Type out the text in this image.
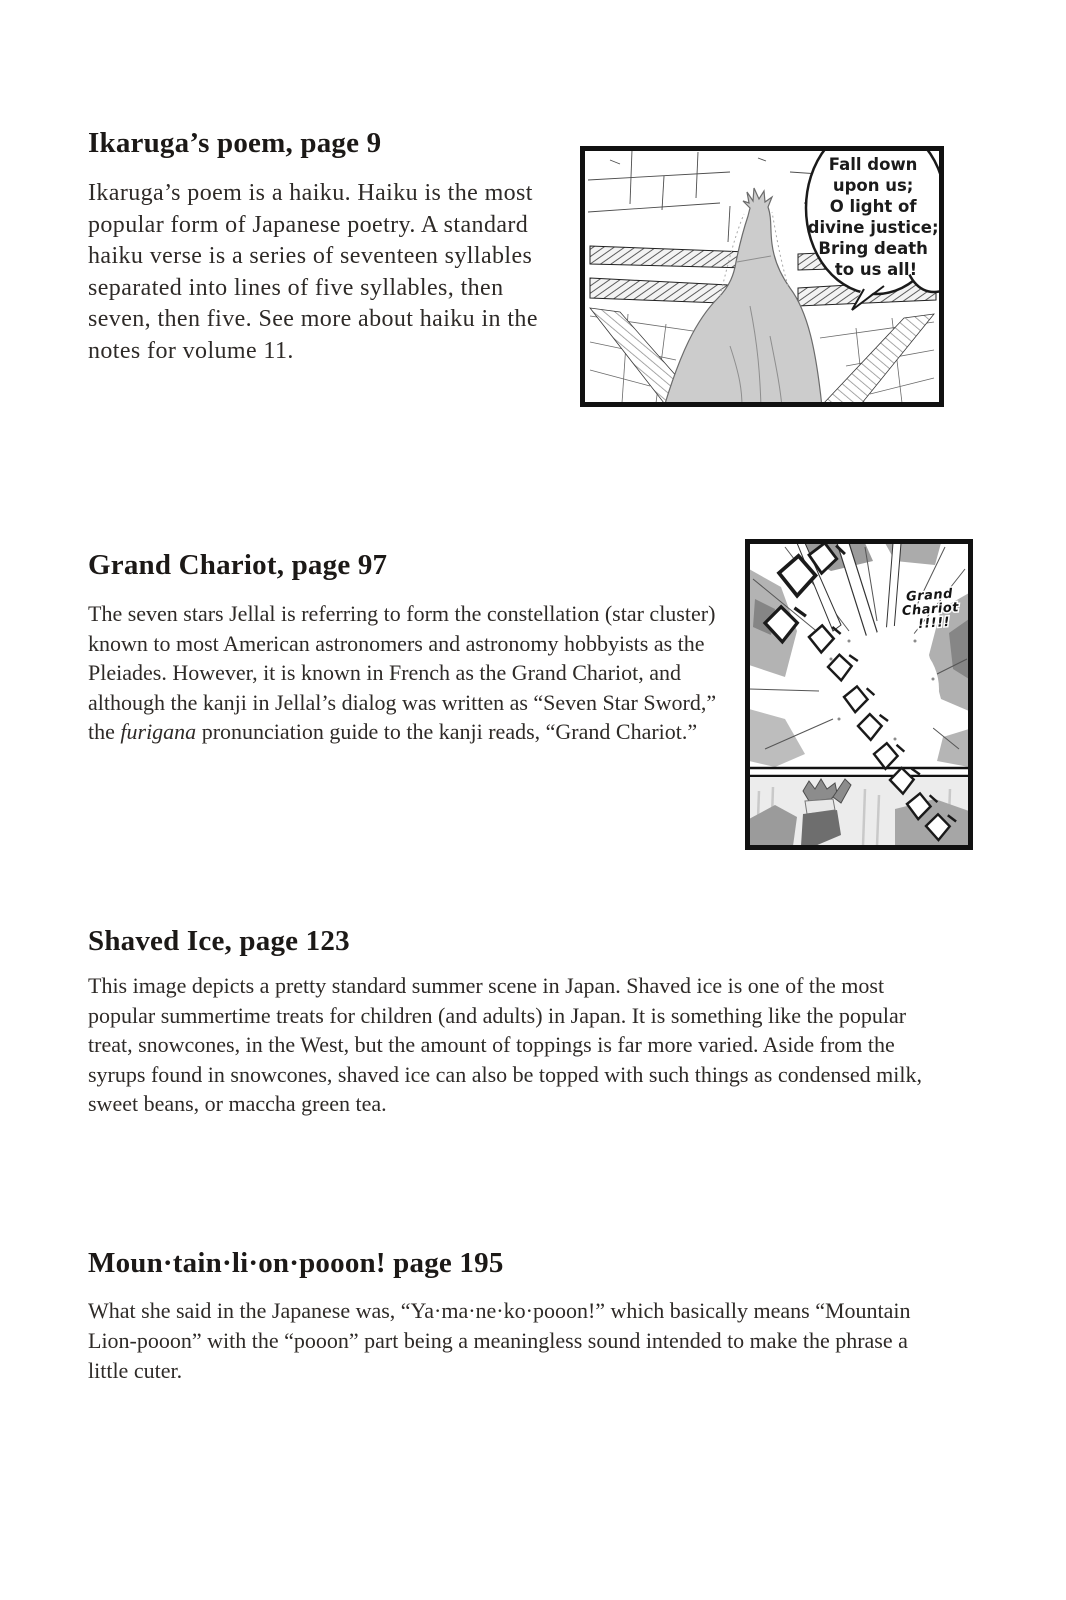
Ikaruga’s poem, page 9

Ikaruga’s poem is a haiku. Haiku is the most popular form of Japanese poetry. A standard haiku verse is a series of seventeen syllables separated into lines of five syllables, then seven, then five. See more about haiku in the notes for volume 11.

Fall down upon us; O light of divine justice; Bring death to us all!
Grand Chariot, page 97

The seven stars Jellal is referring to form the constellation (star cluster) known to most American astronomers and astronomy hobbyists as the Pleiades. However, it is known in French as the Grand Chariot, and although the kanji in Jellal’s dialog was written as “Seven Star Sword,” the furigana pronunciation guide to the kanji reads, “Grand Chariot.”

Grand Chariot !!!!!
Shaved Ice, page 123

This image depicts a pretty standard summer scene in Japan. Shaved ice is one of the most popular summertime treats for children (and adults) in Japan. It is something like the popular treat, snowcones, in the West, but the amount of toppings is far more varied. Aside from the syrups found in snowcones, shaved ice can also be topped with such things as condensed milk, sweet beans, or maccha green tea.

Moun·tain·li·on·pooon! page 195

What she said in the Japanese was, “Ya·ma·ne·ko·pooon!” which basically means “Mountain Lion-pooon” with the “pooon” part being a meaningless sound intended to make the phrase a little cuter.
